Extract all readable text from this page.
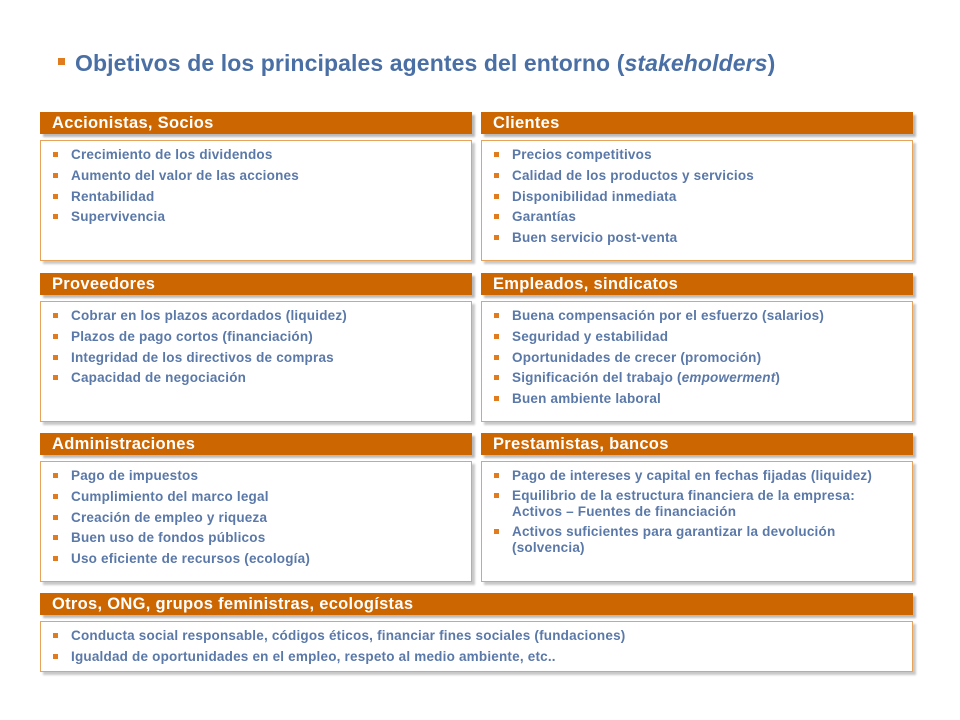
Objetivos de los principales agentes del entorno (stakeholders)
Accionistas, Socios
Crecimiento de los dividendos
Aumento del valor de las acciones
Rentabilidad
Supervivencia
Clientes
Precios competitivos
Calidad de los productos y servicios
Disponibilidad inmediata
Garantías
Buen servicio post-venta
Proveedores
Cobrar en los plazos acordados (liquidez)
Plazos de pago cortos (financiación)
Integridad de los directivos de compras
Capacidad de negociación
Empleados, sindicatos
Buena compensación por el esfuerzo (salarios)
Seguridad y estabilidad
Oportunidades de crecer (promoción)
Significación del trabajo (empowerment)
Buen ambiente laboral
Administraciones
Pago de impuestos
Cumplimiento del marco legal
Creación de empleo y riqueza
Buen uso de fondos públicos
Uso eficiente de recursos (ecología)
Prestamistas, bancos
Pago de intereses y capital en fechas fijadas (liquidez)
Equilibrio de la estructura financiera de la empresa: Activos – Fuentes de financiación
Activos suficientes para garantizar la devolución (solvencia)
Otros, ONG, grupos feministras, ecologístas
Conducta social responsable, códigos éticos, financiar fines sociales (fundaciones)
Igualdad de oportunidades en el empleo, respeto al medio ambiente, etc..
